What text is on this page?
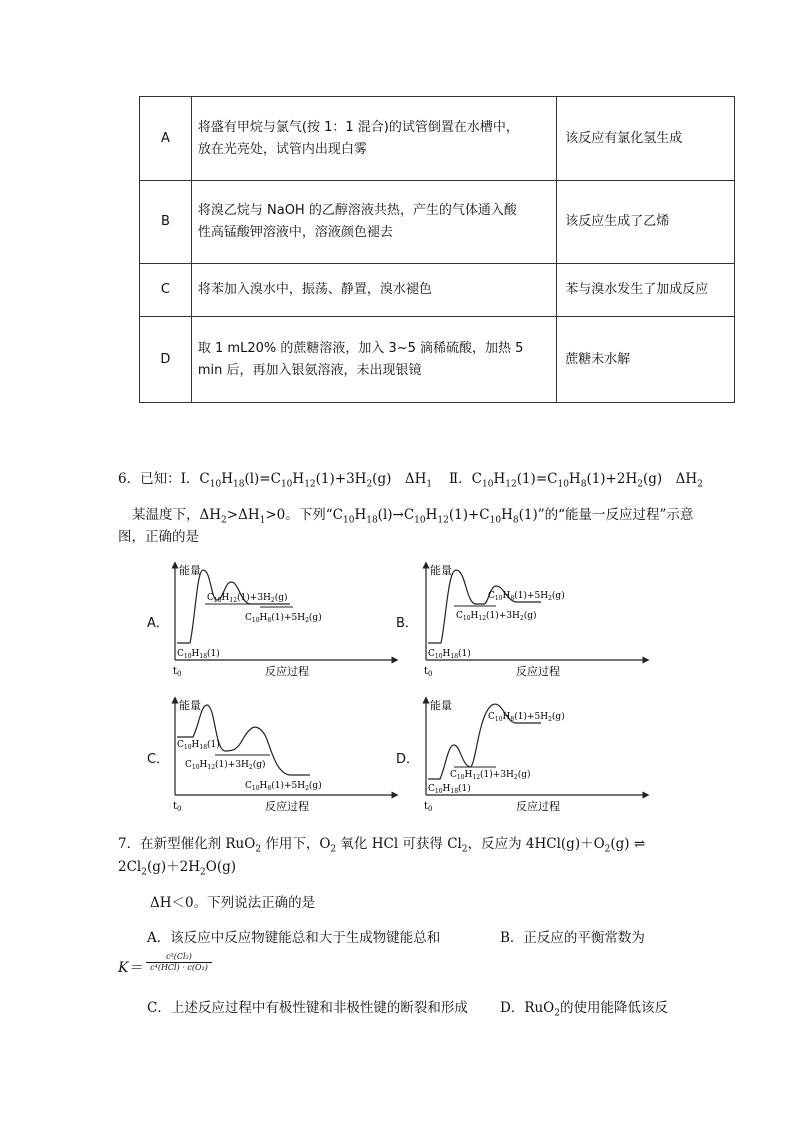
A	将盛有甲烷与氯气(按 1：1 混合)的试管倒置在水槽中，
放在光亮处，试管内出现白雾	该反应有氯化氢生成
B	将溴乙烷与 NaOH 的乙醇溶液共热，产生的气体通入酸
性高锰酸钾溶液中，溶液颜色褪去	该反应生成了乙烯
C	将苯加入溴水中，振荡、静置，溴水褪色	苯与溴水发生了加成反应
D	取 1 mL20% 的蔗糖溶液，加入 3~5 滴稀硫酸，加热 5
min 后，再加入银氨溶液，未出现银镜	蔗糖未水解
6．已知：Ⅰ．$C_{10}H_{18}(l)=C_{10}H_{12}(1)+3H_2(g)$　$\Delta H_1$ Ⅱ．$C_{10}H_{12}(1)=C_{10}H_8(1)+2H_2(g)$　$\Delta H_2$
某温度下，$\Delta H_2>\Delta H_1>0$。下列“$C_{10}H_{18}(l)\to C_{10}H_{12}(1)+C_{10}H_8(1)$”的“能量一反应过程”示意
图，正确的是
A．	B．
C．	D．
能量
反应过程
$t_0$
$C_{10}H_{12}(1)+3H_2(g)$
$C_{10}H_8(1)+5H_2(g)$
$C_{10}H_{18}(1)$
能量
反应过程
$t_0$
$C_{10}H_8(1)+5H_2(g)$
$C_{10}H_{12}(1)+3H_2(g)$
$C_{10}H_{18}(1)$
能量
反应过程
$t_0$
$C_{10}H_{18}(1)$
$C_{10}H_{12}(1)+3H_2(g)$
$C_{10}H_8(1)+5H_2(g)$
能量
反应过程
$t_0$
$C_{10}H_8(1)+5H_2(g)$
$C_{10}H_{12}(1)+3H_2(g)$
$C_{10}H_{18}(1)$
7．在新型催化剂 RuO$_2$ 作用下，$O_2$ 氧化 HCl 可获得 $Cl_2$，反应为 $4HCl(g)+O_2(g)$ ⇌
$2Cl_2(g)+2H_2O(g)$
ΔH＜0。下列说法正确的是
A．该反应中反应物键能总和大于生成物键能总和	B．正反应的平衡常数为
K＝
c²(Cl₂)
c⁴(HCl) · c(O₂)
C．上述反应过程中有极性键和非极性键的断裂和形成 D．RuO$_2$的使用能降低该反
